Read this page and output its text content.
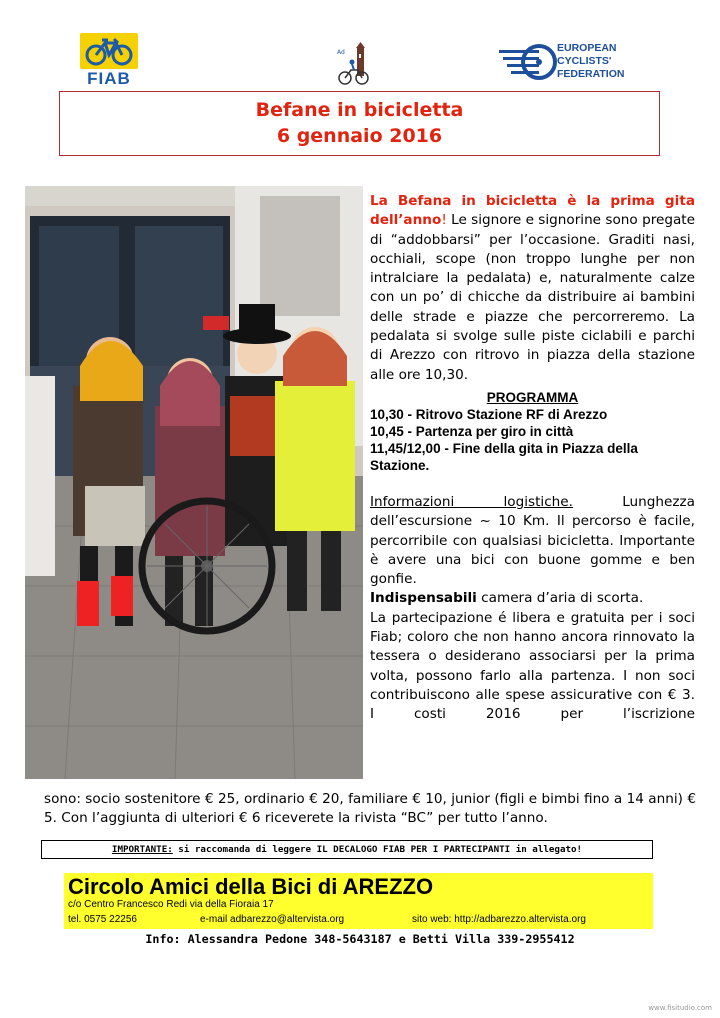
FIAB
Ad	EUROPEAN
CYCLISTS'
FEDERATION
Befane in bicicletta
6 gennaio 2016
La Befana in bicicletta è la prima gita dell’anno! Le signore e signorine sono pregate di “addobbarsi” per l’occasione. Graditi nasi, occhiali, scope (non troppo lunghe per non intralciare la pedalata) e, naturalmente calze con un po’ di chicche da distribuire ai bambini delle strade e piazze che percorreremo. La pedalata si svolge sulle piste ciclabili e parchi di Arezzo con ritrovo in piazza della stazione alle ore 10,30.
PROGRAMMA
10,30 - Ritrovo Stazione RF di Arezzo
10,45 - Partenza per giro in città
11,45/12,00 - Fine della gita in Piazza della Stazione.
Informazioni logistiche. Lunghezza dell’escursione ~ 10 Km. Il percorso è facile, percorribile con qualsiasi bicicletta. Importante è avere una bici con buone gomme e ben gonfie.
Indispensabili camera d’aria di scorta.
La partecipazione é libera e gratuita per i soci Fiab; coloro che non hanno ancora rinnovato la tessera o desiderano associarsi per la prima volta, possono farlo alla partenza. I non soci contribuiscono alle spese assicurative con € 3. I costi 2016 per l’iscrizione
sono: socio sostenitore € 25, ordinario € 20, familiare € 10, junior (figli e bimbi fino a 14 anni) € 5. Con l’aggiunta di ulteriori € 6 riceverete la rivista “BC” per tutto l’anno.
IMPORTANTE: si raccomanda di leggere IL DECALOGO FIAB PER I PARTECIPANTI in allegato!
Circolo Amici della Bici di AREZZO
c/o Centro Francesco Redi via della Fioraia 17
tel. 0575 22256	e-mail adbarezzo@altervista.org	sito web: http://adbarezzo.altervista.org
Info: Alessandra Pedone 348-5643187 e Betti Villa 339-2955412
www.fisitudio.com
